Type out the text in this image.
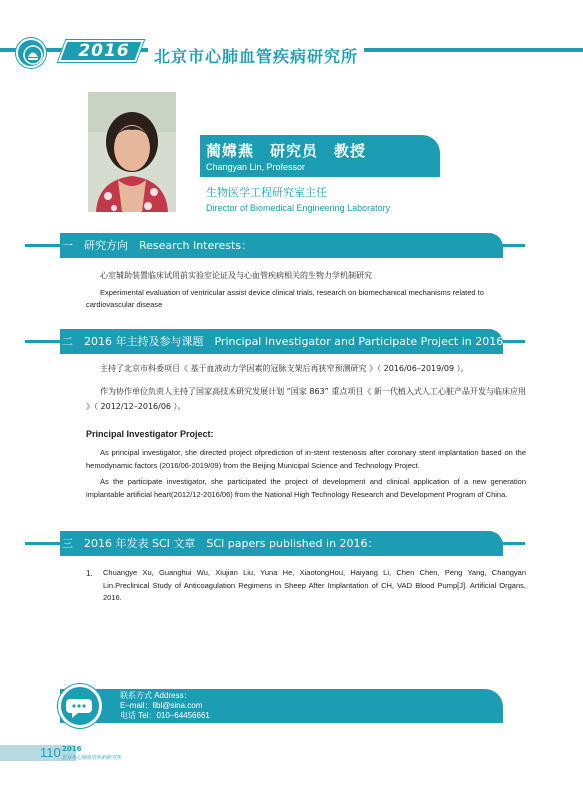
2016	北京市心肺血管疾病研究所
蔺嫦燕　研究员　教授
Changyan Lin, Professor
生物医学工程研究室主任
Director of Biomedical Engineering Laboratory
一　研究方向　Research Interests：
心室辅助装置临床试用前实验室论证及与心血管疾病相关的生物力学机制研究
Experimental evaluation of ventricular assist device clinical trials, research on biomechanical mechanisms related to cardiovascular disease
二　2016 年主持及参与课题　Principal Investigator and Participate Project in 2016：
主持了北京市科委项目《 基于血液动力学因素的冠脉支架后再狭窄预测研究 》（ 2016/06–2019/09 ）。
作为协作单位负责人主持了国家高技术研究发展计划 “国家 863” 重点项目《 新一代植入式人工心脏产品开发与临床应用 》（ 2012/12–2016/06 ）。
Principal Investigator Project:
As principal investigator, she directed project ofprediction of in-stent restenosis after coronary stent implantation based on the hemodynamic factors (2016/06-2019/09) from the Beijing Municipal Science and Technology Project.
As the participate investigator, she participated the project of development and clinical application of a new generation implantable artificial heart(2012/12-2016/06) from the National High Technology Research and Development Program of China.
三　2016 年发表 SCI 文章　SCI papers published in 2016：
1. Chuangye Xu, Guanghui Wu, Xiujian Liu, Yuna He, XiaotongHou, Haiyang Li, Chen Chen, Peng Yang, Changyan Lin.Preclinical Study of Anticoagulation Regimens in Sheep After Implantation of CH, VAD Blood Pump[J]. Artificial Organs, 2016.
联系方式 Address：
E–mail：llbl@sina.com
电话 Tel：010–64456661
110 2016
北京市心肺血管疾病研究所
